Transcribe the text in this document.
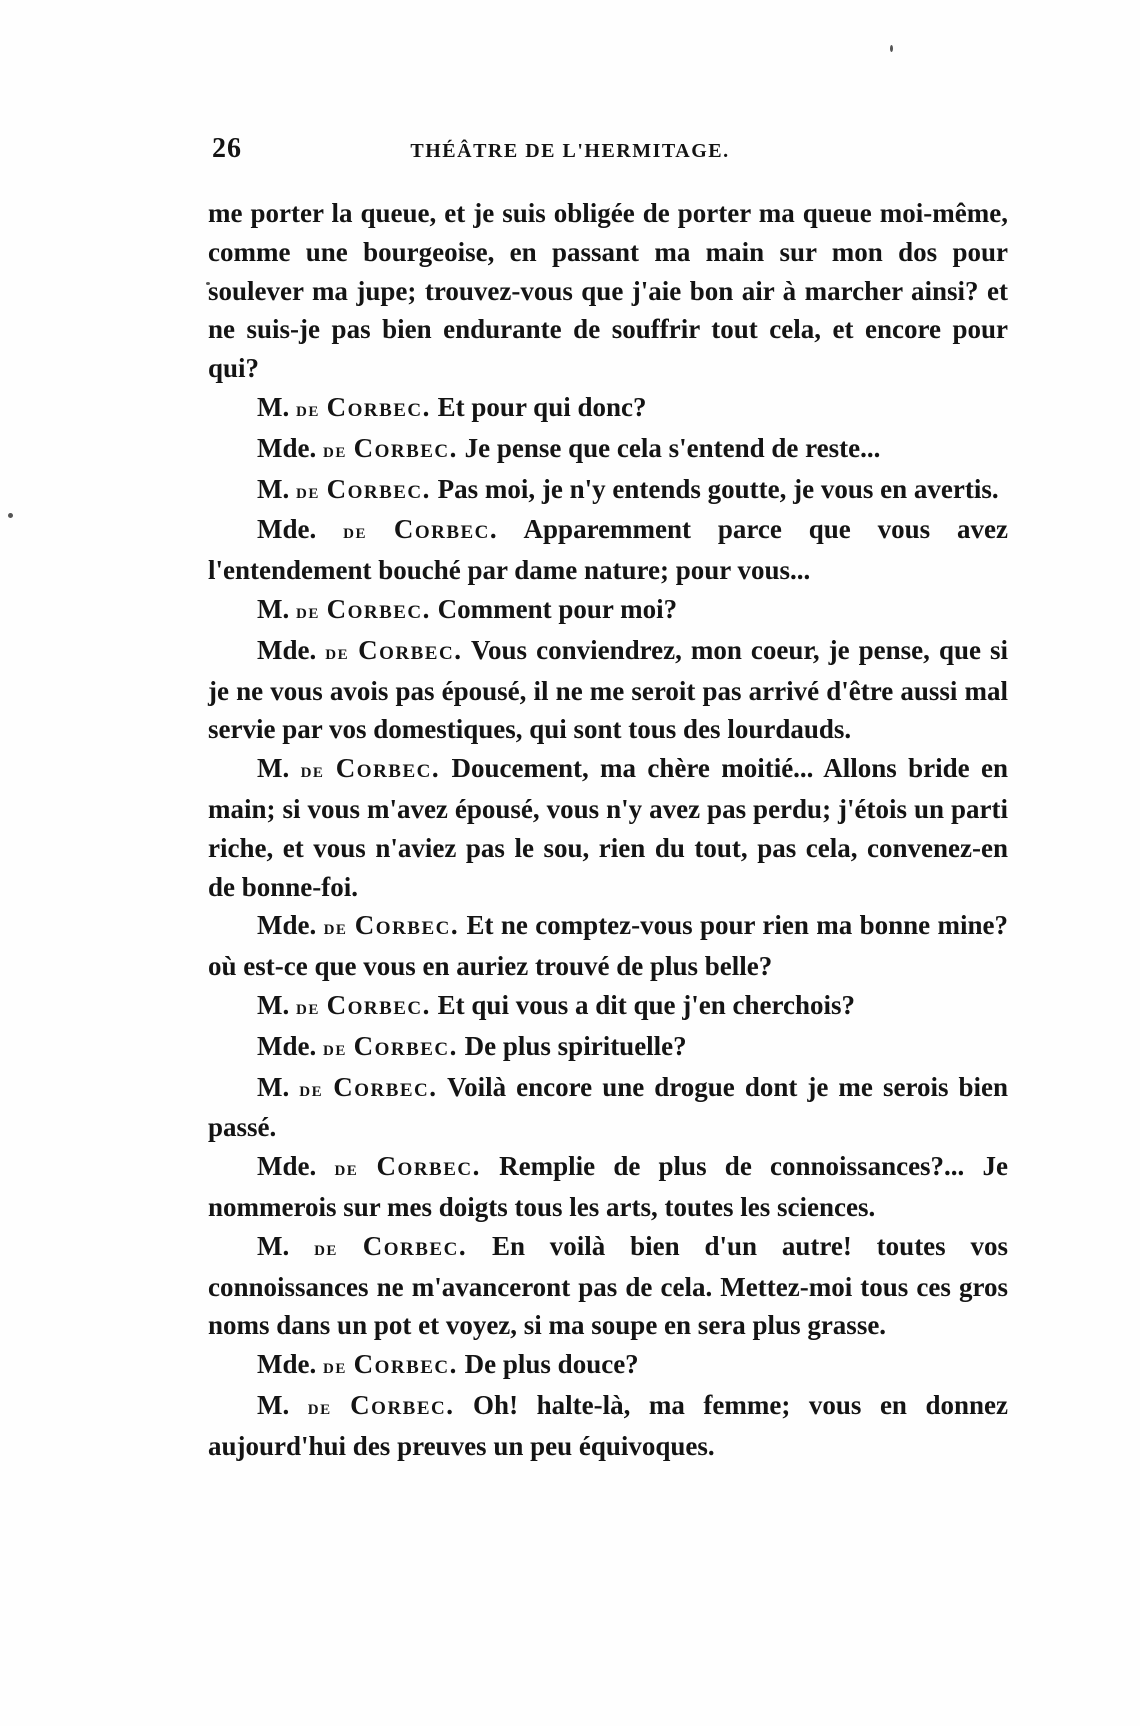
26	THÉÂTRE DE L'HERMITAGE.

me porter la queue, et je suis obligée de porter ma queue moi-même, comme une bourgeoise, en passant ma main sur mon dos pour soulever ma jupe; trouvez-vous que j'aie bon air à marcher ainsi? et ne suis-je pas bien endurante de souffrir tout cela, et encore pour qui?

M. de Corbec. Et pour qui donc?

Mde. de Corbec. Je pense que cela s'entend de reste...

M. de Corbec. Pas moi, je n'y entends goutte, je vous en avertis.

Mde. de Corbec. Apparemment parce que vous avez l'entendement bouché par dame nature; pour vous...

M. de Corbec. Comment pour moi?

Mde. de Corbec. Vous conviendrez, mon coeur, je pense, que si je ne vous avois pas épousé, il ne me seroit pas arrivé d'être aussi mal servie par vos domestiques, qui sont tous des lourdauds.

M. de Corbec. Doucement, ma chère moitié... Allons bride en main; si vous m'avez épousé, vous n'y avez pas perdu; j'étois un parti riche, et vous n'aviez pas le sou, rien du tout, pas cela, convenez-en de bonne-foi.

Mde. de Corbec. Et ne comptez-vous pour rien ma bonne mine? où est-ce que vous en auriez trouvé de plus belle?

M. de Corbec. Et qui vous a dit que j'en cherchois?

Mde. de Corbec. De plus spirituelle?

M. de Corbec. Voilà encore une drogue dont je me serois bien passé.

Mde. de Corbec. Remplie de plus de connoissances?... Je nommerois sur mes doigts tous les arts, toutes les sciences.

M. de Corbec. En voilà bien d'un autre! toutes vos connoissances ne m'avanceront pas de cela. Mettez-moi tous ces gros noms dans un pot et voyez, si ma soupe en sera plus grasse.

Mde. de Corbec. De plus douce?

M. de Corbec. Oh! halte-là, ma femme; vous en donnez aujourd'hui des preuves un peu équivoques.
